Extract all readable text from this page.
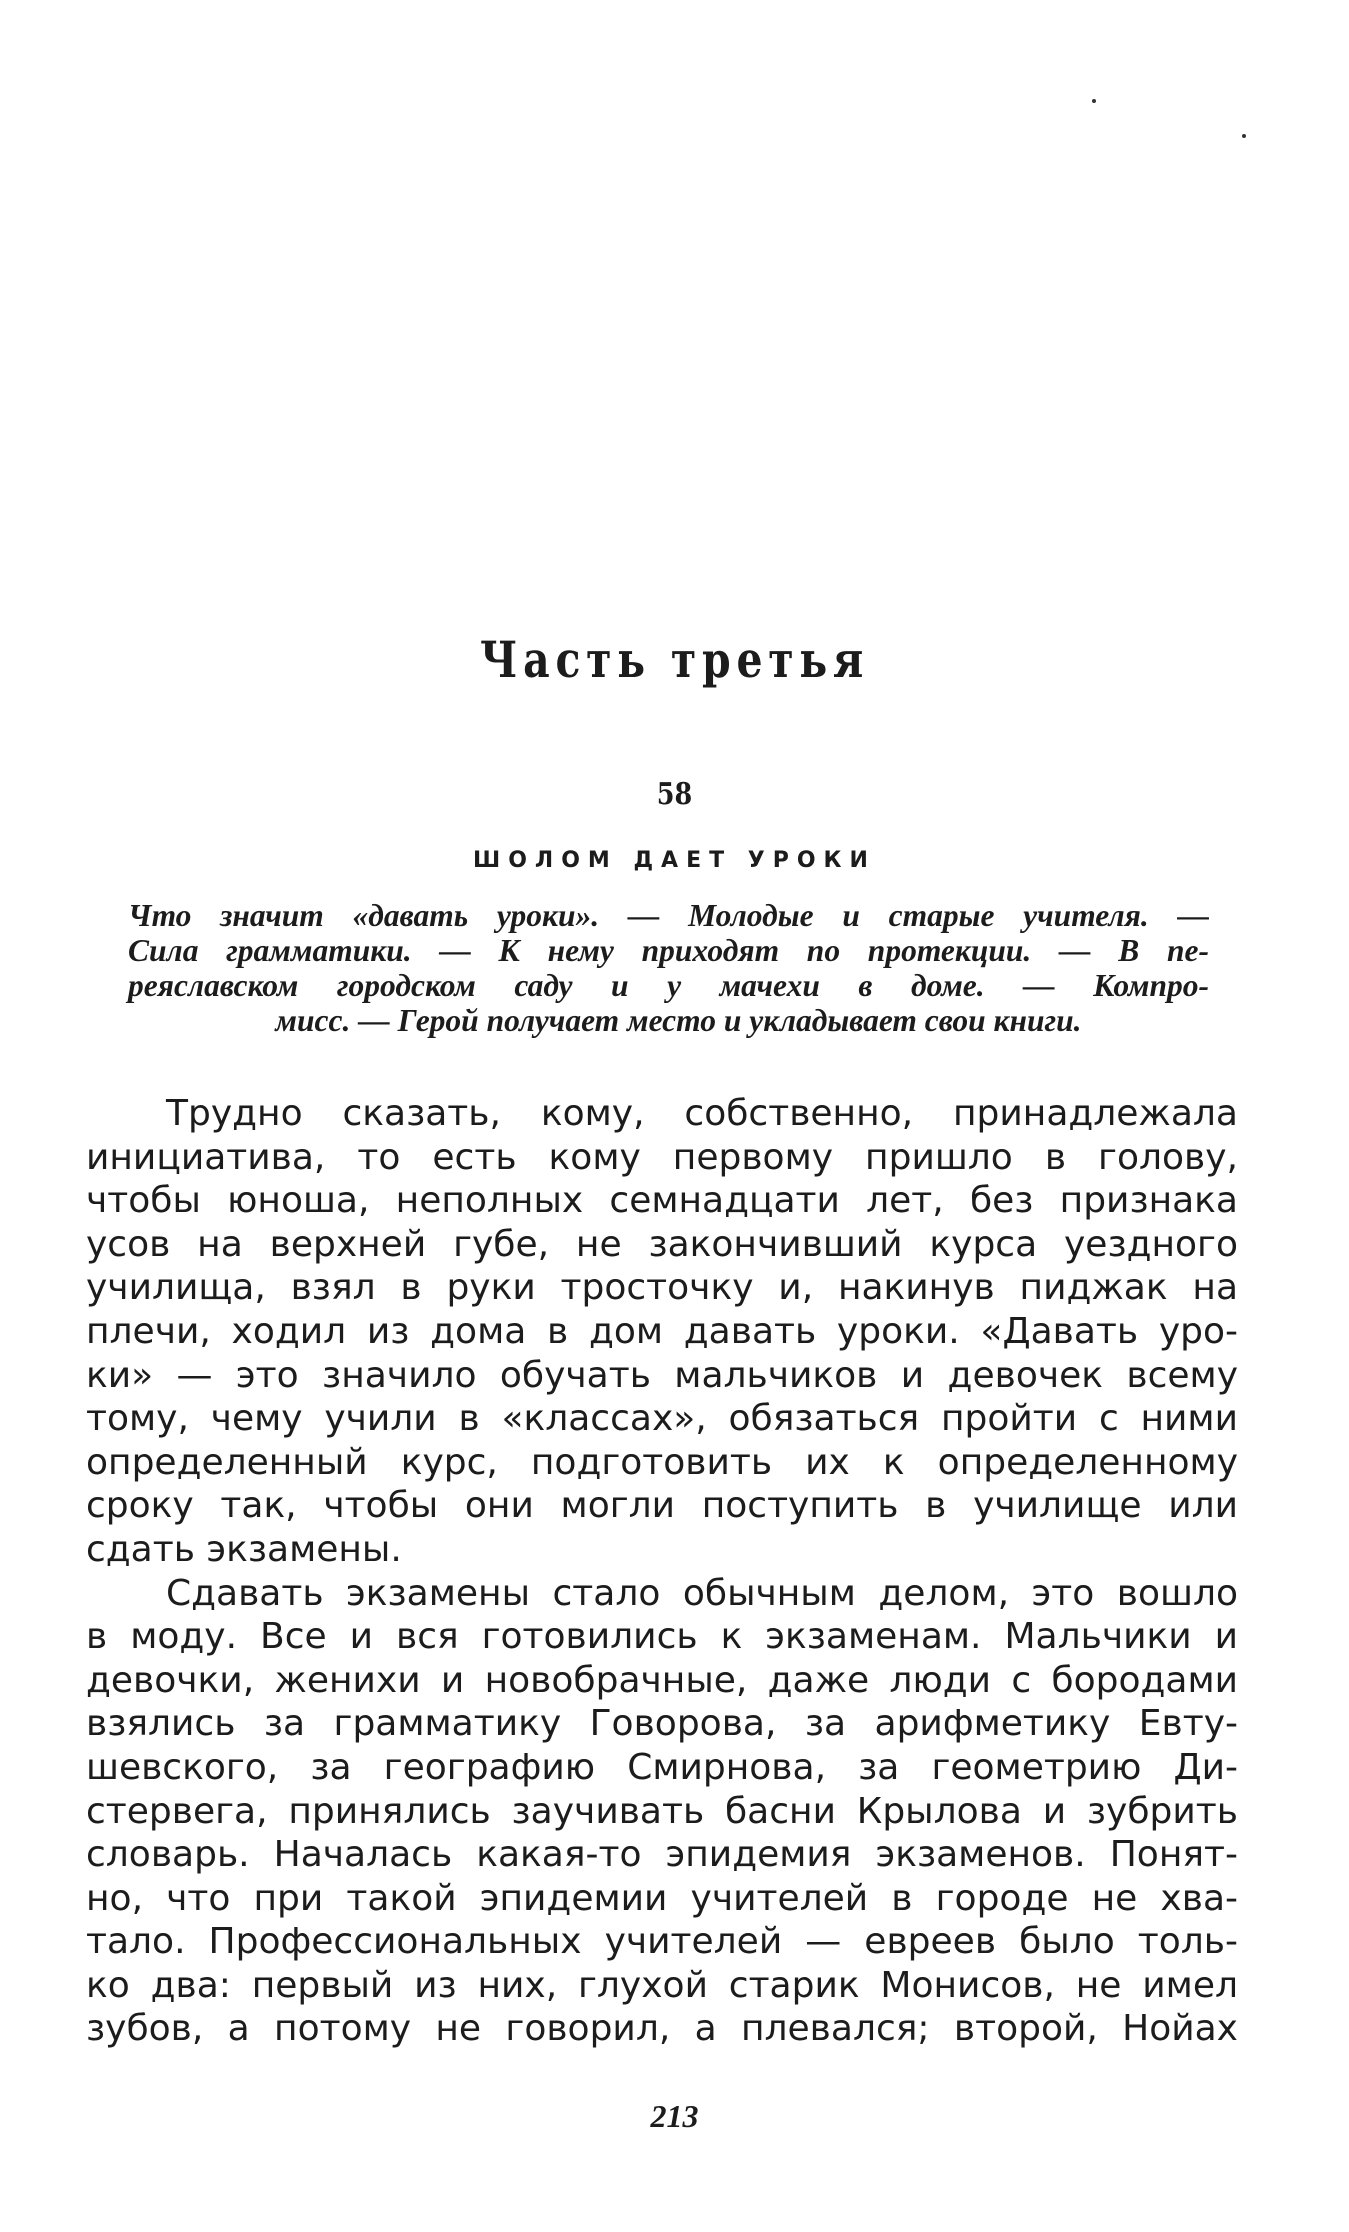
Часть третья
58
ШОЛОМ ДАЕТ УРОКИ
Что значит «давать уроки». — Молодые и старые учителя. —
Сила грамматики. — К нему приходят по протекции. — В пе-
реяславском городском саду и у мачехи в доме. — Компро-
мисс. — Герой получает место и укладывает свои книги.
Трудно сказать, кому, собственно, принадлежала
инициатива, то есть кому первому пришло в голову,
чтобы юноша, неполных семнадцати лет, без признака
усов на верхней губе, не закончивший курса уездного
училища, взял в руки тросточку и, накинув пиджак на
плечи, ходил из дома в дом давать уроки. «Давать уро-
ки» — это значило обучать мальчиков и девочек всему
тому, чему учили в «классах», обязаться пройти с ними
определенный курс, подготовить их к определенному
сроку так, чтобы они могли поступить в училище или
сдать экзамены.
Сдавать экзамены стало обычным делом, это вошло
в моду. Все и вся готовились к экзаменам. Мальчики и
девочки, женихи и новобрачные, даже люди с бородами
взялись за грамматику Говорова, за арифметику Евту-
шевского, за географию Смирнова, за геометрию Ди-
стервега, принялись заучивать басни Крылова и зубрить
словарь. Началась какая-то эпидемия экзаменов. Понят-
но, что при такой эпидемии учителей в городе не хва-
тало. Профессиональных учителей — евреев было толь-
ко два: первый из них, глухой старик Монисов, не имел
зубов, а потому не говорил, а плевался; второй, Нойах
213
